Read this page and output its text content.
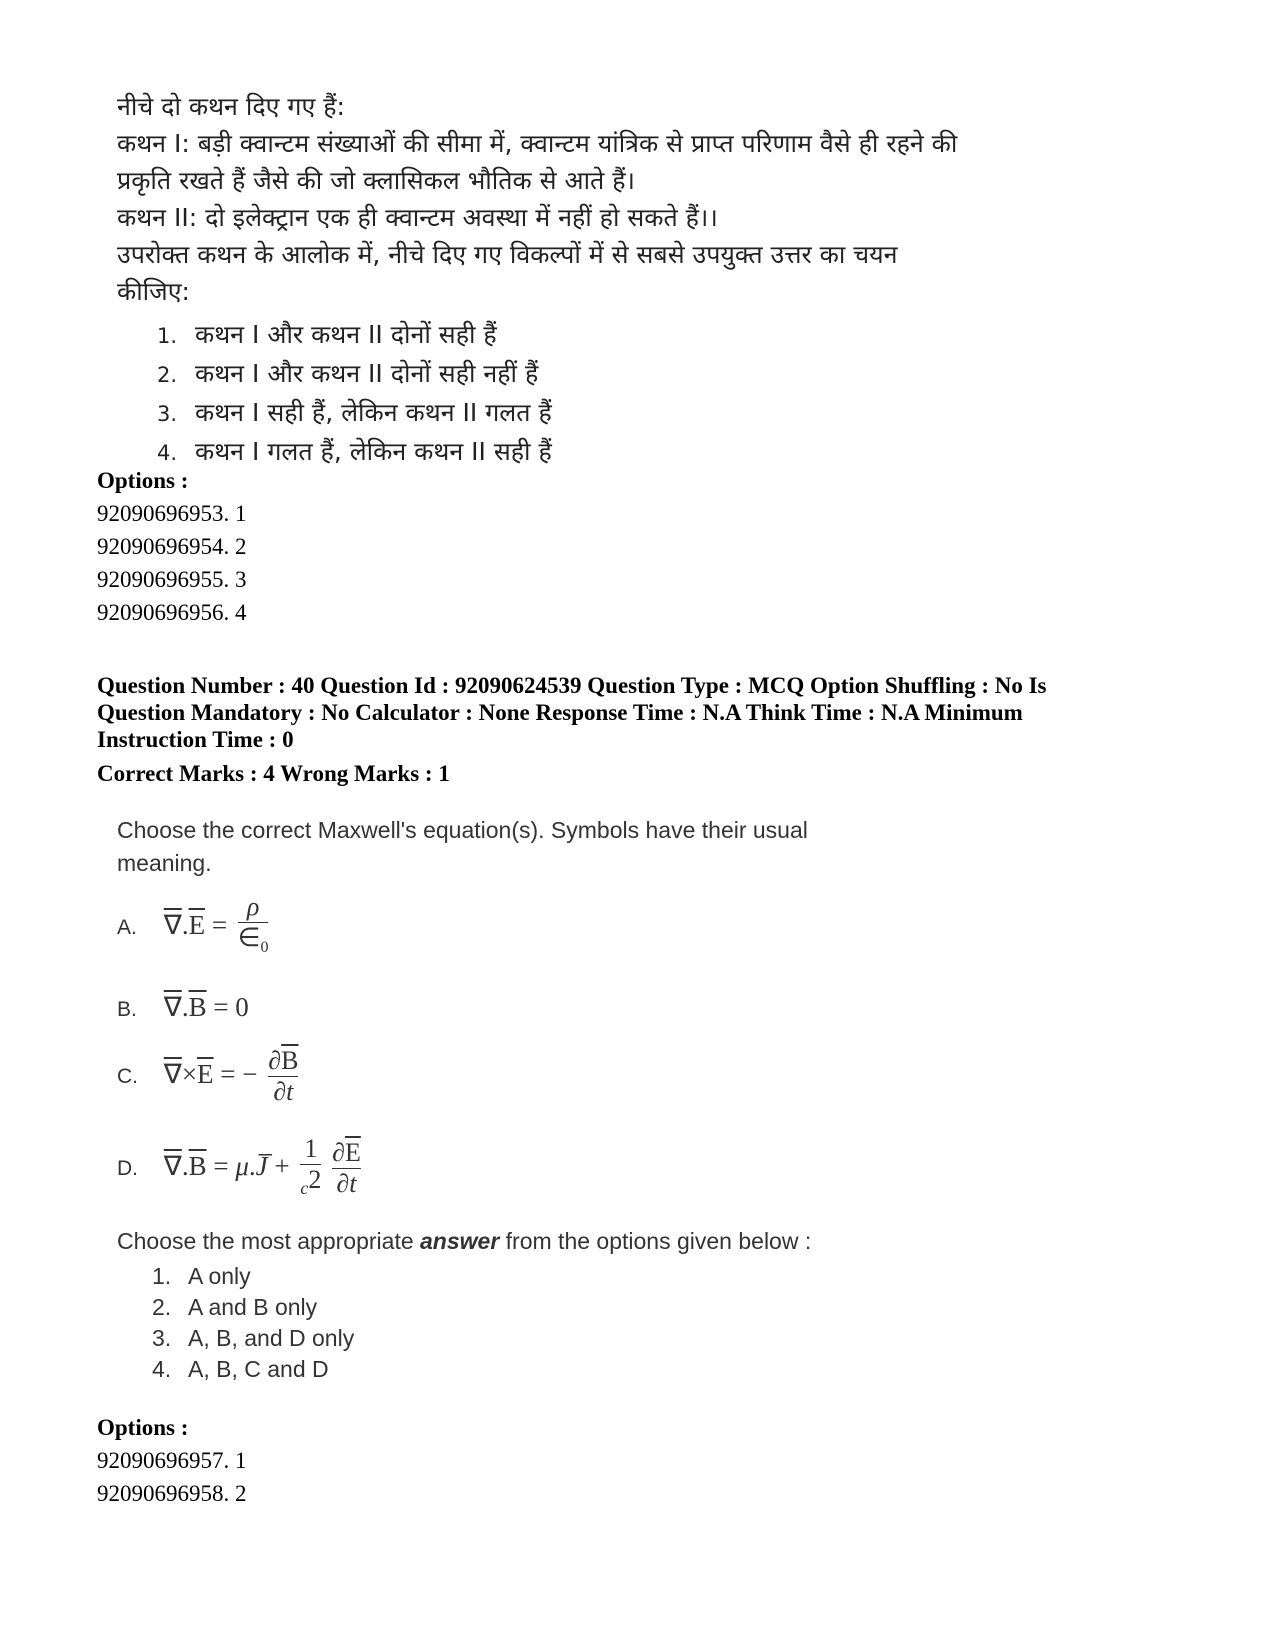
नीचे दो कथन दिए गए हैं:
कथन I: बड़ी क्वान्टम संख्याओं की सीमा में, क्वान्टम यांत्रिक से प्राप्त परिणाम वैसे ही रहने की
प्रकृति रखते हैं जैसे की जो क्लासिकल भौतिक से आते हैं।
कथन II: दो इलेक्ट्रान एक ही क्वान्टम अवस्था में नहीं हो सकते हैं।।
उपरोक्त कथन के आलोक में, नीचे दिए गए विकल्पों में से सबसे उपयुक्त उत्तर का चयन
कीजिए:
1. कथन I और कथन II दोनों सही हैं
2. कथन I और कथन II दोनों सही नहीं हैं
3. कथन I सही हैं, लेकिन कथन II गलत हैं
4. कथन I गलत हैं, लेकिन कथन II सही हैं
Options :
92090696953. 1
92090696954. 2
92090696955. 3
92090696956. 4
Question Number : 40 Question Id : 92090624539 Question Type : MCQ Option Shuffling : No Is
Question Mandatory : No Calculator : None Response Time : N.A Think Time : N.A Minimum
Instruction Time : 0
Correct Marks : 4 Wrong Marks : 1
Choose the correct Maxwell's equation(s). Symbols have their usual
meaning.
A. $\nabla.\overline{E} = \frac{\rho}{\in_0}$
B. $\nabla.\overline{B} = 0$
C. $\nabla\times\overline{E}$ = − $\frac{\partial\overline{B}}{\partial t}$
D. $\nabla.\overline{B}$ = μ.J̅ + $\frac{1}{_c2}$
$\frac{\partial\overline{E}}{\partial t}$
Choose the most appropriate answer from the options given below :
1. A only
2. A and B only
3. A, B, and D only
4. A, B, C and D
Options :
92090696957. 1
92090696958. 2
